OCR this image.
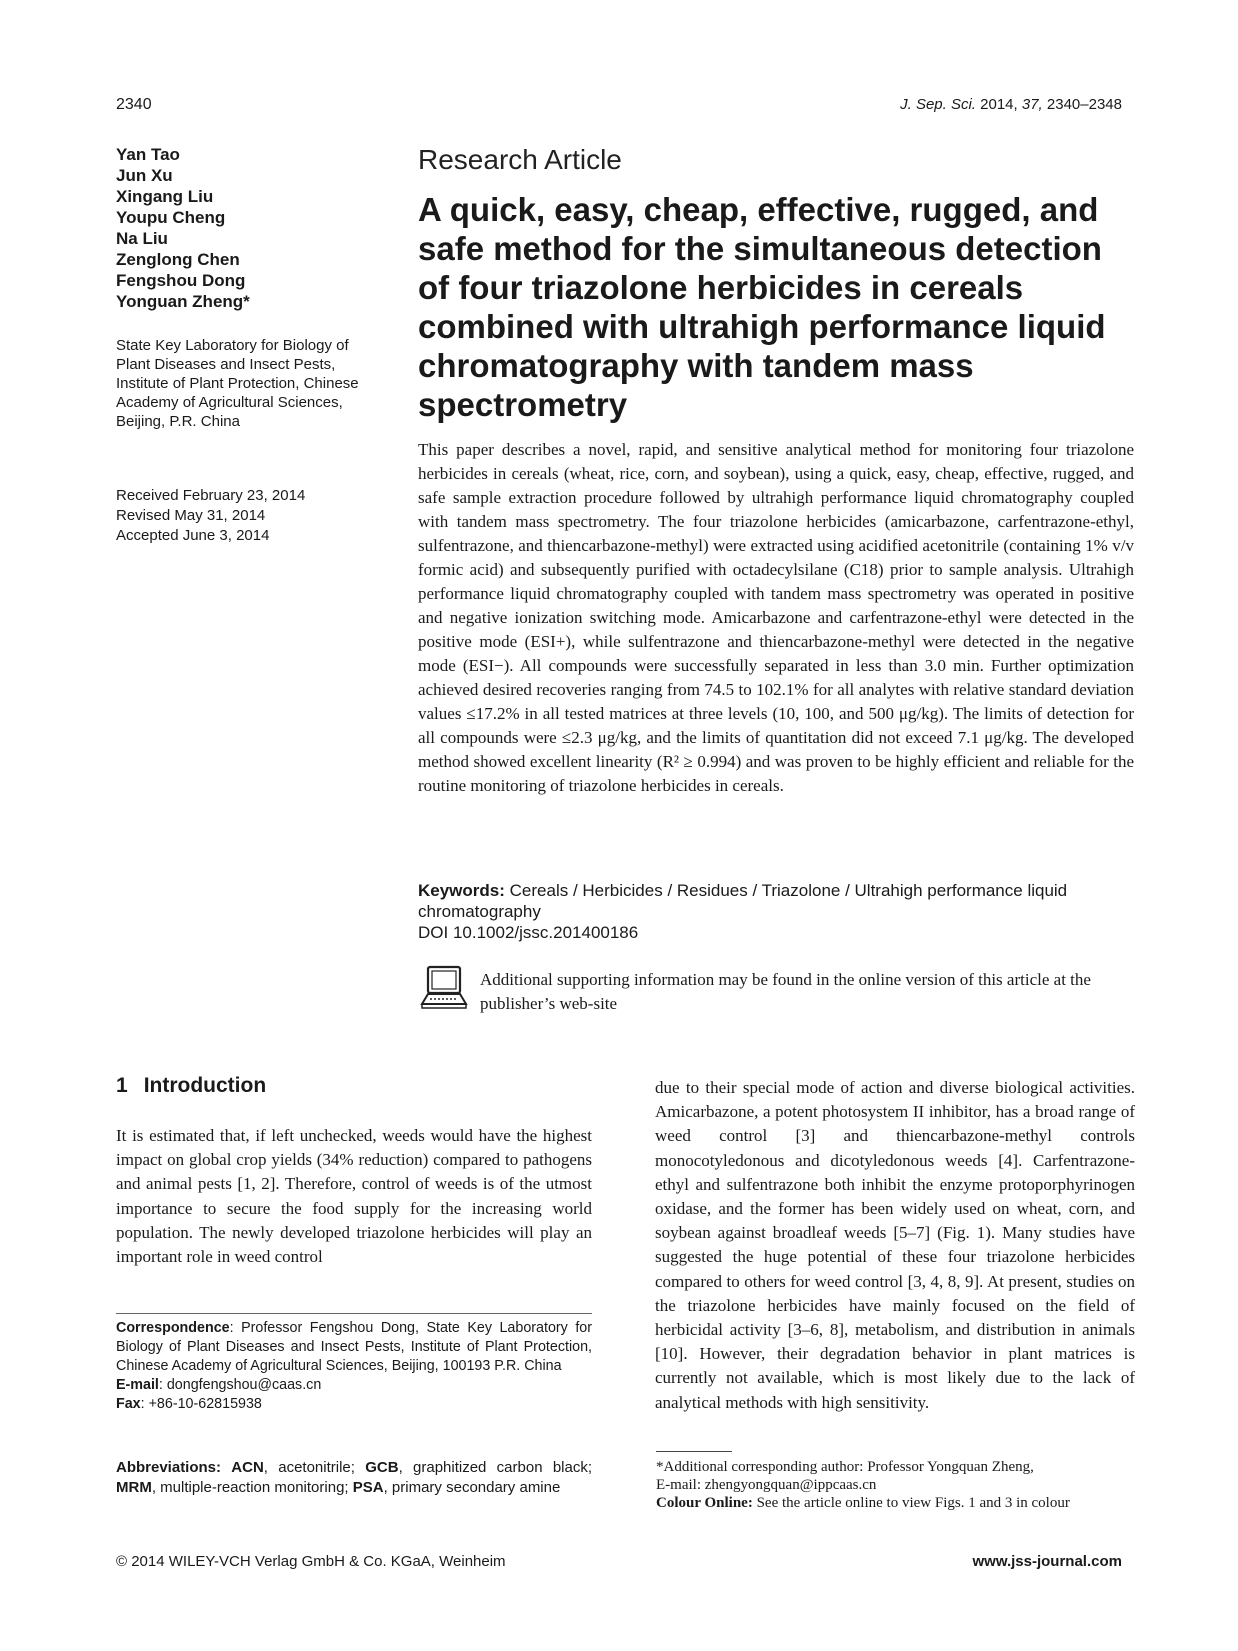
2340	J. Sep. Sci. 2014, 37, 2340–2348
Yan Tao
Jun Xu
Xingang Liu
Youpu Cheng
Na Liu
Zenglong Chen
Fengshou Dong
Yonguan Zheng*
State Key Laboratory for Biology of Plant Diseases and Insect Pests, Institute of Plant Protection, Chinese Academy of Agricultural Sciences, Beijing, P.R. China
Received February 23, 2014
Revised May 31, 2014
Accepted June 3, 2014
Research Article
A quick, easy, cheap, effective, rugged, and safe method for the simultaneous detection of four triazolone herbicides in cereals combined with ultrahigh performance liquid chromatography with tandem mass spectrometry

This paper describes a novel, rapid, and sensitive analytical method for monitoring four triazolone herbicides in cereals (wheat, rice, corn, and soybean), using a quick, easy, cheap, effective, rugged, and safe sample extraction procedure followed by ultrahigh performance liquid chromatography coupled with tandem mass spectrometry. The four triazolone herbicides (amicarbazone, carfentrazone-ethyl, sulfentrazone, and thiencarbazone-methyl) were extracted using acidified acetonitrile (containing 1% v/v formic acid) and subsequently purified with octadecylsilane (C18) prior to sample analysis. Ultrahigh performance liquid chromatography coupled with tandem mass spectrometry was operated in positive and negative ionization switching mode. Amicarbazone and carfentrazone-ethyl were detected in the positive mode (ESI+), while sulfentrazone and thiencarbazone-methyl were detected in the negative mode (ESI−). All compounds were successfully separated in less than 3.0 min. Further optimization achieved desired recoveries ranging from 74.5 to 102.1% for all analytes with relative standard deviation values ≤17.2% in all tested matrices at three levels (10, 100, and 500 μg/kg). The limits of detection for all compounds were ≤2.3 μg/kg, and the limits of quantitation did not exceed 7.1 μg/kg. The developed method showed excellent linearity (R² ≥ 0.994) and was proven to be highly efficient and reliable for the routine monitoring of triazolone herbicides in cereals.

Keywords: Cereals / Herbicides / Residues / Triazolone / Ultrahigh performance liquid chromatography
DOI 10.1002/jssc.201400186
Additional supporting information may be found in the online version of this article at the publisher’s web-site
1 Introduction

It is estimated that, if left unchecked, weeds would have the highest impact on global crop yields (34% reduction) compared to pathogens and animal pests [1, 2]. Therefore, control of weeds is of the utmost importance to secure the food supply for the increasing world population. The newly developed triazolone herbicides will play an important role in weed control

due to their special mode of action and diverse biological activities. Amicarbazone, a potent photosystem II inhibitor, has a broad range of weed control [3] and thiencarbazone-methyl controls monocotyledonous and dicotyledonous weeds [4]. Carfentrazone-ethyl and sulfentrazone both inhibit the enzyme protoporphyrinogen oxidase, and the former has been widely used on wheat, corn, and soybean against broadleaf weeds [5–7] (Fig. 1). Many studies have suggested the huge potential of these four triazolone herbicides compared to others for weed control [3, 4, 8, 9]. At present, studies on the triazolone herbicides have mainly focused on the field of herbicidal activity [3–6, 8], metabolism, and distribution in animals [10]. However, their degradation behavior in plant matrices is currently not available, which is most likely due to the lack of analytical methods with high sensitivity.

Correspondence: Professor Fengshou Dong, State Key Laboratory for Biology of Plant Diseases and Insect Pests, Institute of Plant Protection, Chinese Academy of Agricultural Sciences, Beijing, 100193 P.R. China
E-mail: dongfengshou@caas.cn
Fax: +86-10-62815938
Abbreviations: ACN, acetonitrile; GCB, graphitized carbon black; MRM, multiple-reaction monitoring; PSA, primary secondary amine
*Additional corresponding author: Professor Yongquan Zheng,
E-mail: zhengyongquan@ippcaas.cn
Colour Online: See the article online to view Figs. 1 and 3 in colour
© 2014 WILEY-VCH Verlag GmbH & Co. KGaA, Weinheim	www.jss-journal.com
